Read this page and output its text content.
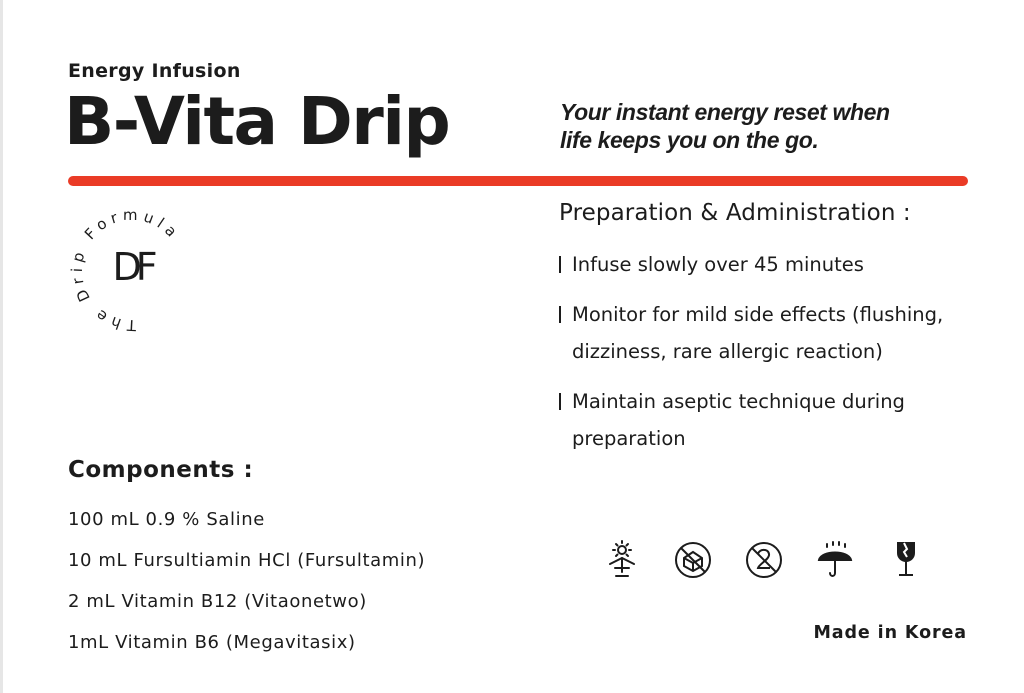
Energy Infusion
B-Vita Drip	Your instant energy reset when
life keeps you on the go.
The Drip Formula
DF
Preparation & Administration :
Infuse slowly over 45 minutes
Monitor for mild side effects (flushing, dizziness, rare allergic reaction)
Maintain aseptic technique during preparation
Components :
100 mL 0.9 % Saline
10 mL Fursultiamin HCl (Fursultamin)
2 mL Vitamin B12 (Vitaonetwo)
1mL Vitamin B6 (Megavitasix)	Made in Korea
